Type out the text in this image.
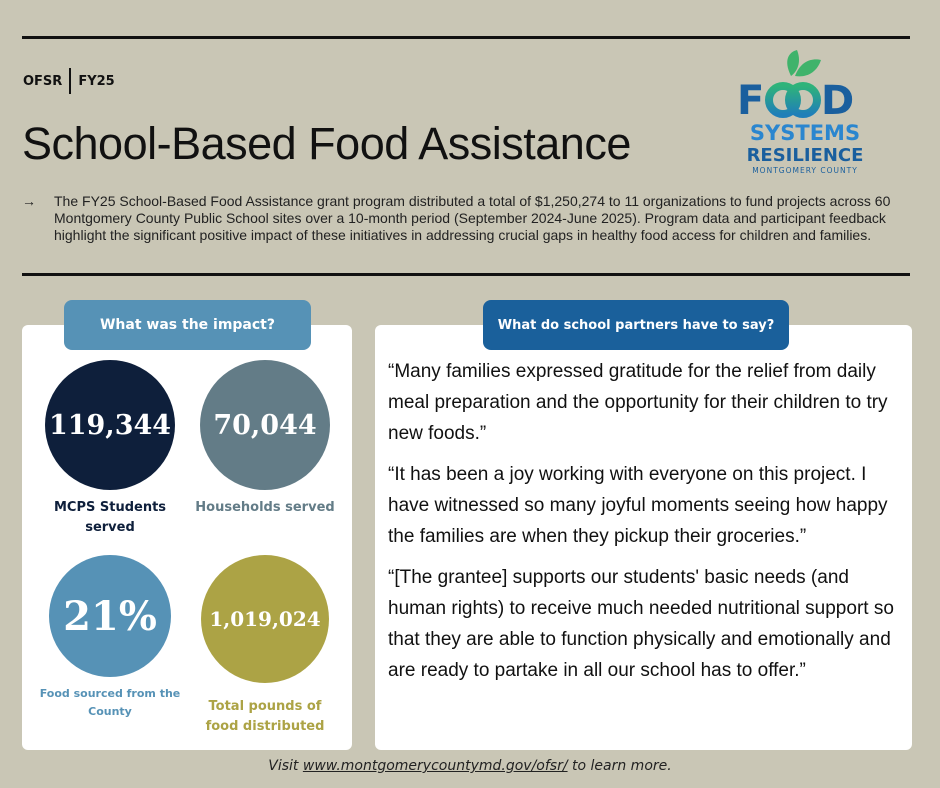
OFSR FY25
School-Based Food Assistance
F D
SYSTEMS
RESILIENCE
MONTGOMERY COUNTY
→	The FY25 School-Based Food Assistance grant program distributed a total of $1,250,274 to 11 organizations to fund projects across 60 Montgomery County Public School sites over a 10-month period (September 2024-June 2025). Program data and participant feedback highlight the significant positive impact of these initiatives in addressing crucial gaps in healthy food access for children and families.

What was the impact?	What do school partners have to say?
119,344
MCPS Students served
70,044
Households served
21%
Food sourced from the County
1,019,024
Total pounds of food distributed

“Many families expressed gratitude for the relief from daily meal preparation and the opportunity for their children to try new foods.”

“It has been a joy working with everyone on this project. I have witnessed so many joyful moments seeing how happy the families are when they pickup their groceries.”

“[The grantee] supports our students' basic needs (and human rights) to receive much needed nutritional support so that they are able to function physically and emotionally and are ready to partake in all our school has to offer.”

Visit www.montgomerycountymd.gov/ofsr/ to learn more.
